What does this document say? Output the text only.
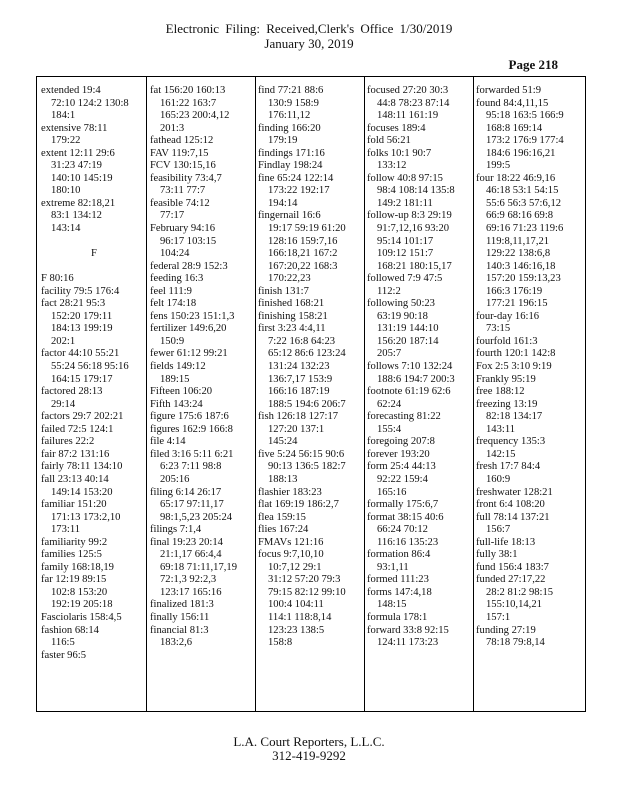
Electronic Filing: Received,Clerk's Office 1/30/2019
January 30, 2019
Page 218
extended 19:4
72:10 124:2 130:8
184:1
extensive 78:11
179:22
extent 12:11 29:6
31:23 47:19
140:10 145:19
180:10
extreme 82:18,21
83:1 134:12
143:14
F
F 80:16
facility 79:5 176:4
fact 28:21 95:3
152:20 179:11
184:13 199:19
202:1
factor 44:10 55:21
55:24 56:18 95:16
164:15 179:17
factored 28:13
29:14
factors 29:7 202:21
failed 72:5 124:1
failures 22:2
fair 87:2 131:16
fairly 78:11 134:10
fall 23:13 40:14
149:14 153:20
familiar 151:20
171:13 173:2,10
173:11
familiarity 99:2
families 125:5
family 168:18,19
far 12:19 89:15
102:8 153:20
192:19 205:18
Fasciolaris 158:4,5
fashion 68:14
116:5
faster 96:5
fat 156:20 160:13
161:22 163:7
165:23 200:4,12
201:3
fathead 125:12
FAV 119:7,15
FCV 130:15,16
feasibility 73:4,7
73:11 77:7
feasible 74:12
77:17
February 94:16
96:17 103:15
104:24
federal 28:9 152:3
feeding 16:3
feel 111:9
felt 174:18
fens 150:23 151:1,3
fertilizer 149:6,20
150:9
fewer 61:12 99:21
fields 149:12
189:15
Fifteen 106:20
Fifth 143:24
figure 175:6 187:6
figures 162:9 166:8
file 4:14
filed 3:16 5:11 6:21
6:23 7:11 98:8
205:16
filing 6:14 26:17
65:17 97:11,17
98:1,5,23 205:24
filings 7:1,4
final 19:23 20:14
21:1,17 66:4,4
69:18 71:11,17,19
72:1,3 92:2,3
123:17 165:16
finalized 181:3
finally 156:11
financial 81:3
183:2,6
find 77:21 88:6
130:9 158:9
176:11,12
finding 166:20
179:19
findings 171:16
Findlay 198:24
fine 65:24 122:14
173:22 192:17
194:14
fingernail 16:6
19:17 59:19 61:20
128:16 159:7,16
166:18,21 167:2
167:20,22 168:3
170:22,23
finish 131:7
finished 168:21
finishing 158:21
first 3:23 4:4,11
7:22 16:8 64:23
65:12 86:6 123:24
131:24 132:23
136:7,17 153:9
166:16 187:19
188:5 194:6 206:7
fish 126:18 127:17
127:20 137:1
145:24
five 5:24 56:15 90:6
90:13 136:5 182:7
188:13
flashier 183:23
flat 169:19 186:2,7
flea 159:15
flies 167:24
FMAVs 121:16
focus 9:7,10,10
10:7,12 29:1
31:12 57:20 79:3
79:15 82:12 99:10
100:4 104:11
114:1 118:8,14
123:23 138:5
158:8
focused 27:20 30:3
44:8 78:23 87:14
148:11 161:19
focuses 189:4
fold 56:21
folks 10:1 90:7
133:12
follow 40:8 97:15
98:4 108:14 135:8
149:2 181:11
follow-up 8:3 29:19
91:7,12,16 93:20
95:14 101:17
109:12 151:7
168:21 180:15,17
followed 7:9 47:5
112:2
following 50:23
63:19 90:18
131:19 144:10
156:20 187:14
205:7
follows 7:10 132:24
188:6 194:7 200:3
footnote 61:19 62:6
62:24
forecasting 81:22
155:4
foregoing 207:8
forever 193:20
form 25:4 44:13
92:22 159:4
165:16
formally 175:6,7
format 38:15 40:6
66:24 70:12
116:16 135:23
formation 86:4
93:1,11
formed 111:23
forms 147:4,18
148:15
formula 178:1
forward 33:8 92:15
124:11 173:23
forwarded 51:9
found 84:4,11,15
95:18 163:5 166:9
168:8 169:14
173:2 176:9 177:4
184:6 196:16,21
199:5
four 18:22 46:9,16
46:18 53:1 54:15
55:6 56:3 57:6,12
66:9 68:16 69:8
69:16 71:23 119:6
119:8,11,17,21
129:22 138:6,8
140:3 146:16,18
157:20 159:13,23
166:3 176:19
177:21 196:15
four-day 16:16
73:15
fourfold 161:3
fourth 120:1 142:8
Fox 2:5 3:10 9:19
Frankly 95:19
free 188:12
freezing 13:19
82:18 134:17
143:11
frequency 135:3
142:15
fresh 17:7 84:4
160:9
freshwater 128:21
front 6:4 108:20
full 78:14 137:21
156:7
full-life 18:13
fully 38:1
fund 156:4 183:7
funded 27:17,22
28:2 81:2 98:15
155:10,14,21
157:1
funding 27:19
78:18 79:8,14
L.A. Court Reporters, L.L.C.
312-419-9292
